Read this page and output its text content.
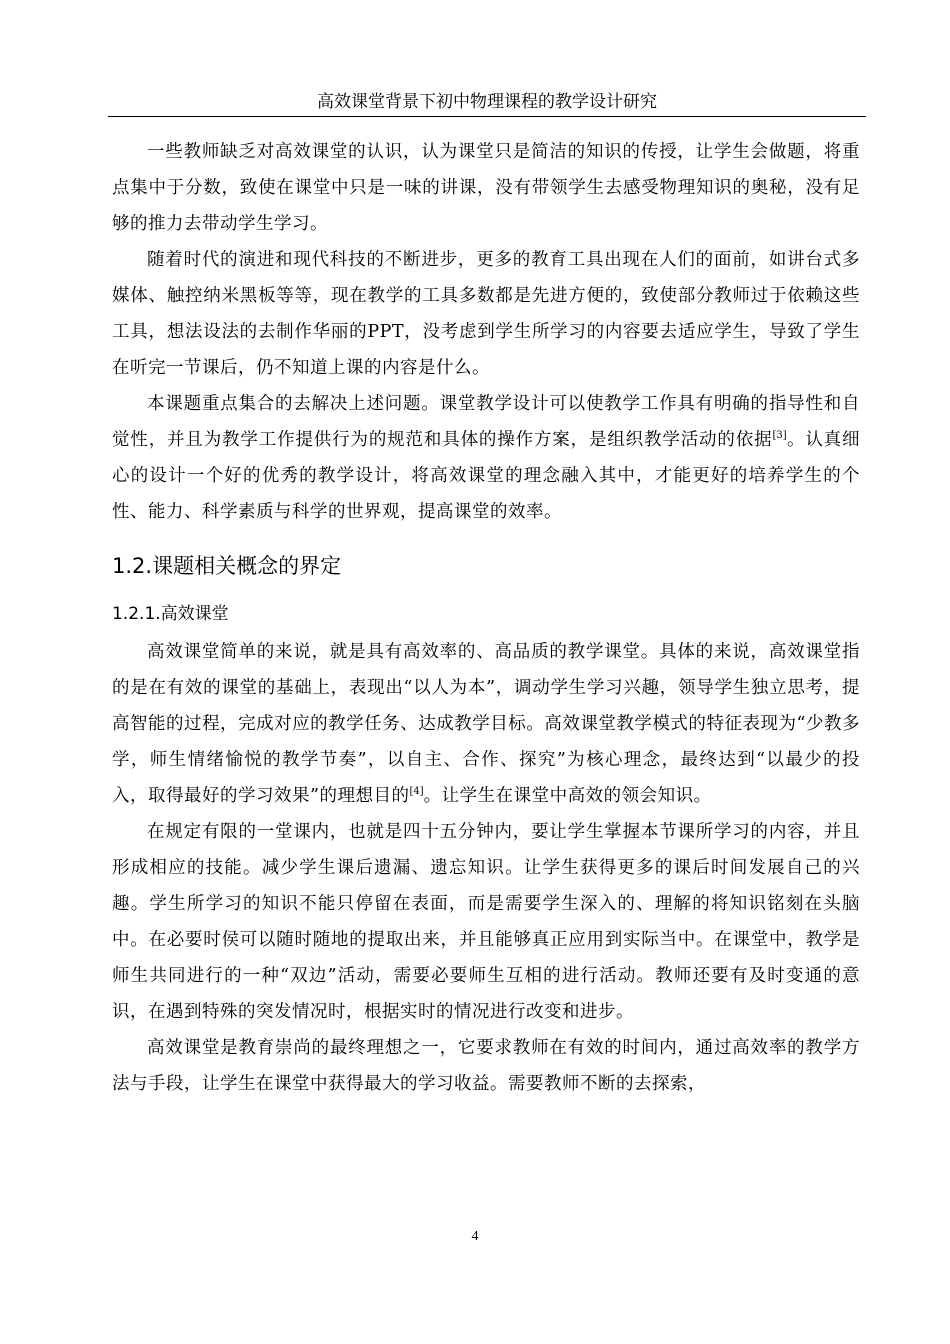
高效课堂背景下初中物理课程的教学设计研究

一些教师缺乏对高效课堂的认识，认为课堂只是简洁的知识的传授，让学生会做题，将重点集中于分数，致使在课堂中只是一味的讲课，没有带领学生去感受物理知识的奥秘，没有足够的推力去带动学生学习。

随着时代的演进和现代科技的不断进步，更多的教育工具出现在人们的面前，如讲台式多媒体、触控纳米黑板等等，现在教学的工具多数都是先进方便的，致使部分教师过于依赖这些工具，想法设法的去制作华丽的PPT，没考虑到学生所学习的内容要去适应学生，导致了学生在听完一节课后，仍不知道上课的内容是什么。

本课题重点集合的去解决上述问题。课堂教学设计可以使教学工作具有明确的指导性和自觉性，并且为教学工作提供行为的规范和具体的操作方案，是组织教学活动的依据[3]。认真细心的设计一个好的优秀的教学设计，将高效课堂的理念融入其中，才能更好的培养学生的个性、能力、科学素质与科学的世界观，提高课堂的效率。

1.2.课题相关概念的界定
1.2.1.高效课堂

高效课堂简单的来说，就是具有高效率的、高品质的教学课堂。具体的来说，高效课堂指的是在有效的课堂的基础上，表现出“以人为本”，调动学生学习兴趣，领导学生独立思考，提高智能的过程，完成对应的教学任务、达成教学目标。高效课堂教学模式的特征表现为“少教多学，师生情绪愉悦的教学节奏”，以自主、合作、探究”为核心理念，最终达到“以最少的投入，取得最好的学习效果”的理想目的[4]。让学生在课堂中高效的领会知识。

在规定有限的一堂课内，也就是四十五分钟内，要让学生掌握本节课所学习的内容，并且形成相应的技能。减少学生课后遗漏、遗忘知识。让学生获得更多的课后时间发展自己的兴趣。学生所学习的知识不能只停留在表面，而是需要学生深入的、理解的将知识铭刻在头脑中。在必要时侯可以随时随地的提取出来，并且能够真正应用到实际当中。在课堂中，教学是师生共同进行的一种“双边”活动，需要必要师生互相的进行活动。教师还要有及时变通的意识，在遇到特殊的突发情况时，根据实时的情况进行改变和进步。

高效课堂是教育崇尚的最终理想之一，它要求教师在有效的时间内，通过高效率的教学方法与手段，让学生在课堂中获得最大的学习收益。需要教师不断的去探索，

4
